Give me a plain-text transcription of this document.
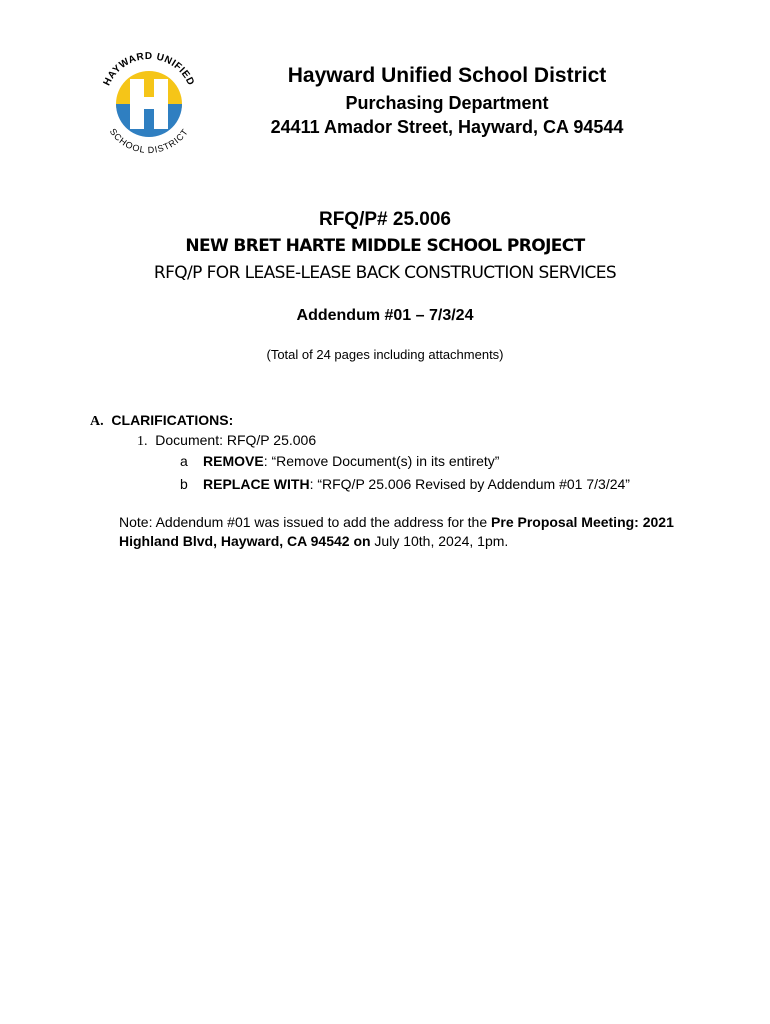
HAYWARD UNIFIED
SCHOOL DISTRICT
Hayward Unified School District
Purchasing Department
24411 Amador Street, Hayward, CA 94544
RFQ/P# 25.006
NEW BRET HARTE MIDDLE SCHOOL PROJECT
RFQ/P FOR LEASE-LEASE BACK CONSTRUCTION SERVICES
Addendum #01 – 7/3/24
(Total of 24 pages including attachments)
A. CLARIFICATIONS:
1. Document: RFQ/P 25.006
a REMOVE: “Remove Document(s) in its entirety”
b REPLACE WITH: “RFQ/P 25.006 Revised by Addendum #01 7/3/24”
Note: Addendum #01 was issued to add the address for the Pre Proposal Meeting: 2021 Highland Blvd, Hayward, CA 94542 on July 10th, 2024, 1pm.
